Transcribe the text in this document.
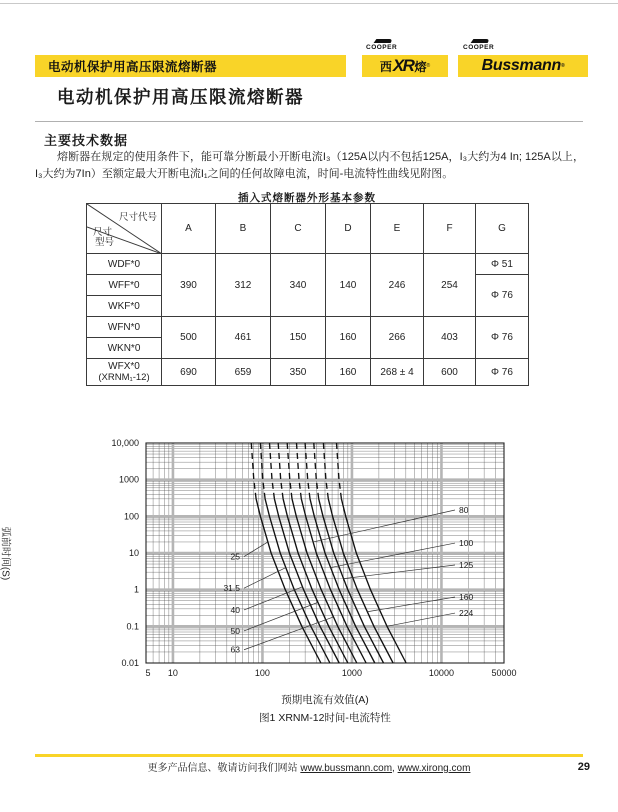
电动机保护用高压限流熔断器
COOPER
西 XR 熔 ®
COOPER
Bussmann ®
电动机保护用高压限流熔断器
主要技术数据
熔断器在规定的使用条件下，能可靠分断最小开断电流I₃（125A以内不包括125A，I₃大约为4 In; 125A以上，I₃大约为7In）至额定最大开断电流I₁之间的任何故障电流，时间-电流特性曲线见附图。
插入式熔断器外形基本参数
尺寸代号
尺寸
型号	A	B	C	D	E	F	G
WDF*0	390	312	340	140	246	254	Φ 51
WFF*0							Φ 76
WKF*0							
WFN*0	500	461	150	160	266	403	Φ 76
WKN*0							

WFX*0
(XRNM₁-12)	690	659	350	160	268 ± 4	600	Φ 76
5 10	100	1000	10000	50000
10,000
1000
100
10
1
0.1
0.01
25
31.5
40
50
63
80
100
125
160
224
弧前时间(S)
预期电流有效值(A)
图1 XRNM-12时间-电流特性
更多产品信息、敬请访问我们网站 www.bussmann.com, www.xirong.com	29
